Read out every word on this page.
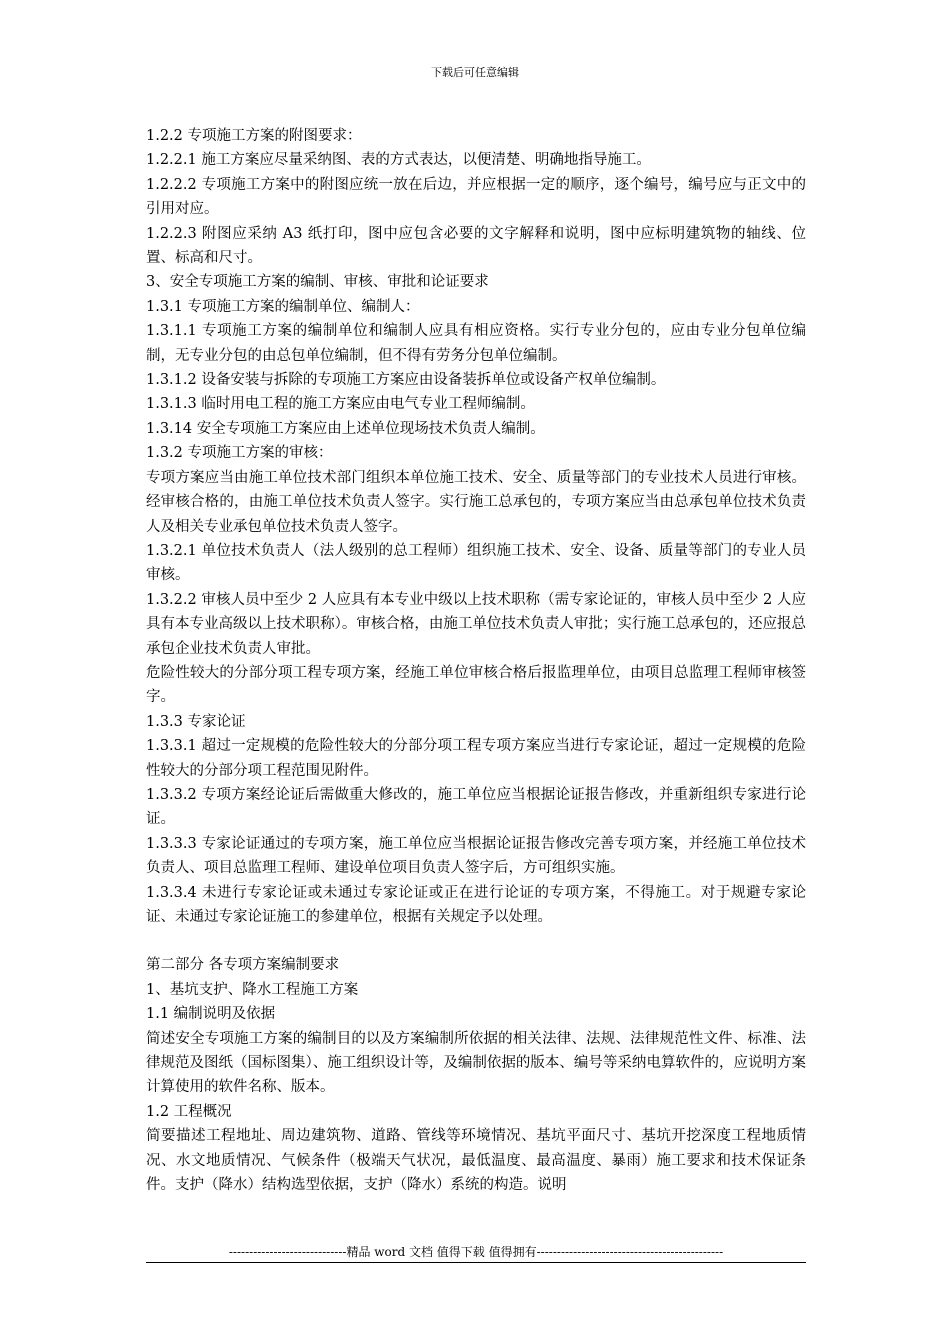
下载后可任意编辑

1.2.2 专项施工方案的附图要求：

1.2.2.1 施工方案应尽量采纳图、表的方式表达，以便清楚、明确地指导施工。

1.2.2.2 专项施工方案中的附图应统一放在后边，并应根据一定的顺序，逐个编号，编号应与正文中的引用对应。

1.2.2.3 附图应采纳 A3 纸打印，图中应包含必要的文字解释和说明，图中应标明建筑物的轴线、位置、标高和尺寸。

3、安全专项施工方案的编制、审核、审批和论证要求

1.3.1 专项施工方案的编制单位、编制人：

1.3.1.1 专项施工方案的编制单位和编制人应具有相应资格。实行专业分包的，应由专业分包单位编制，无专业分包的由总包单位编制，但不得有劳务分包单位编制。

1.3.1.2 设备安装与拆除的专项施工方案应由设备装拆单位或设备产权单位编制。

1.3.1.3 临时用电工程的施工方案应由电气专业工程师编制。

1.3.14 安全专项施工方案应由上述单位现场技术负责人编制。

1.3.2 专项施工方案的审核：

专项方案应当由施工单位技术部门组织本单位施工技术、安全、质量等部门的专业技术人员进行审核。经审核合格的，由施工单位技术负责人签字。实行施工总承包的，专项方案应当由总承包单位技术负责人及相关专业承包单位技术负责人签字。

1.3.2.1 单位技术负责人（法人级别的总工程师）组织施工技术、安全、设备、质量等部门的专业人员审核。

1.3.2.2 审核人员中至少 2 人应具有本专业中级以上技术职称（需专家论证的，审核人员中至少 2 人应具有本专业高级以上技术职称）。审核合格，由施工单位技术负责人审批；实行施工总承包的，还应报总承包企业技术负责人审批。

危险性较大的分部分项工程专项方案，经施工单位审核合格后报监理单位，由项目总监理工程师审核签字。

1.3.3 专家论证

1.3.3.1 超过一定规模的危险性较大的分部分项工程专项方案应当进行专家论证，超过一定规模的危险性较大的分部分项工程范围见附件。

1.3.3.2 专项方案经论证后需做重大修改的，施工单位应当根据论证报告修改，并重新组织专家进行论证。

1.3.3.3 专家论证通过的专项方案，施工单位应当根据论证报告修改完善专项方案，并经施工单位技术负责人、项目总监理工程师、建设单位项目负责人签字后，方可组织实施。

1.3.3.4 未进行专家论证或未通过专家论证或正在进行论证的专项方案，不得施工。对于规避专家论证、未通过专家论证施工的参建单位，根据有关规定予以处理。

第二部分 各专项方案编制要求

1、基坑支护、降水工程施工方案

1.1 编制说明及依据

简述安全专项施工方案的编制目的以及方案编制所依据的相关法律、法规、法律规范性文件、标准、法律规范及图纸（国标图集）、施工组织设计等，及编制依据的版本、编号等采纳电算软件的，应说明方案计算使用的软件名称、版本。

1.2 工程概况

简要描述工程地址、周边建筑物、道路、管线等环境情况、基坑平面尺寸、基坑开挖深度工程地质情况、水文地质情况、气候条件（极端天气状况，最低温度、最高温度、暴雨）施工要求和技术保证条件。支护（降水）结构选型依据，支护（降水）系统的构造。说明

-----------------------------精品 word 文档 值得下载 值得拥有----------------------------------------------
